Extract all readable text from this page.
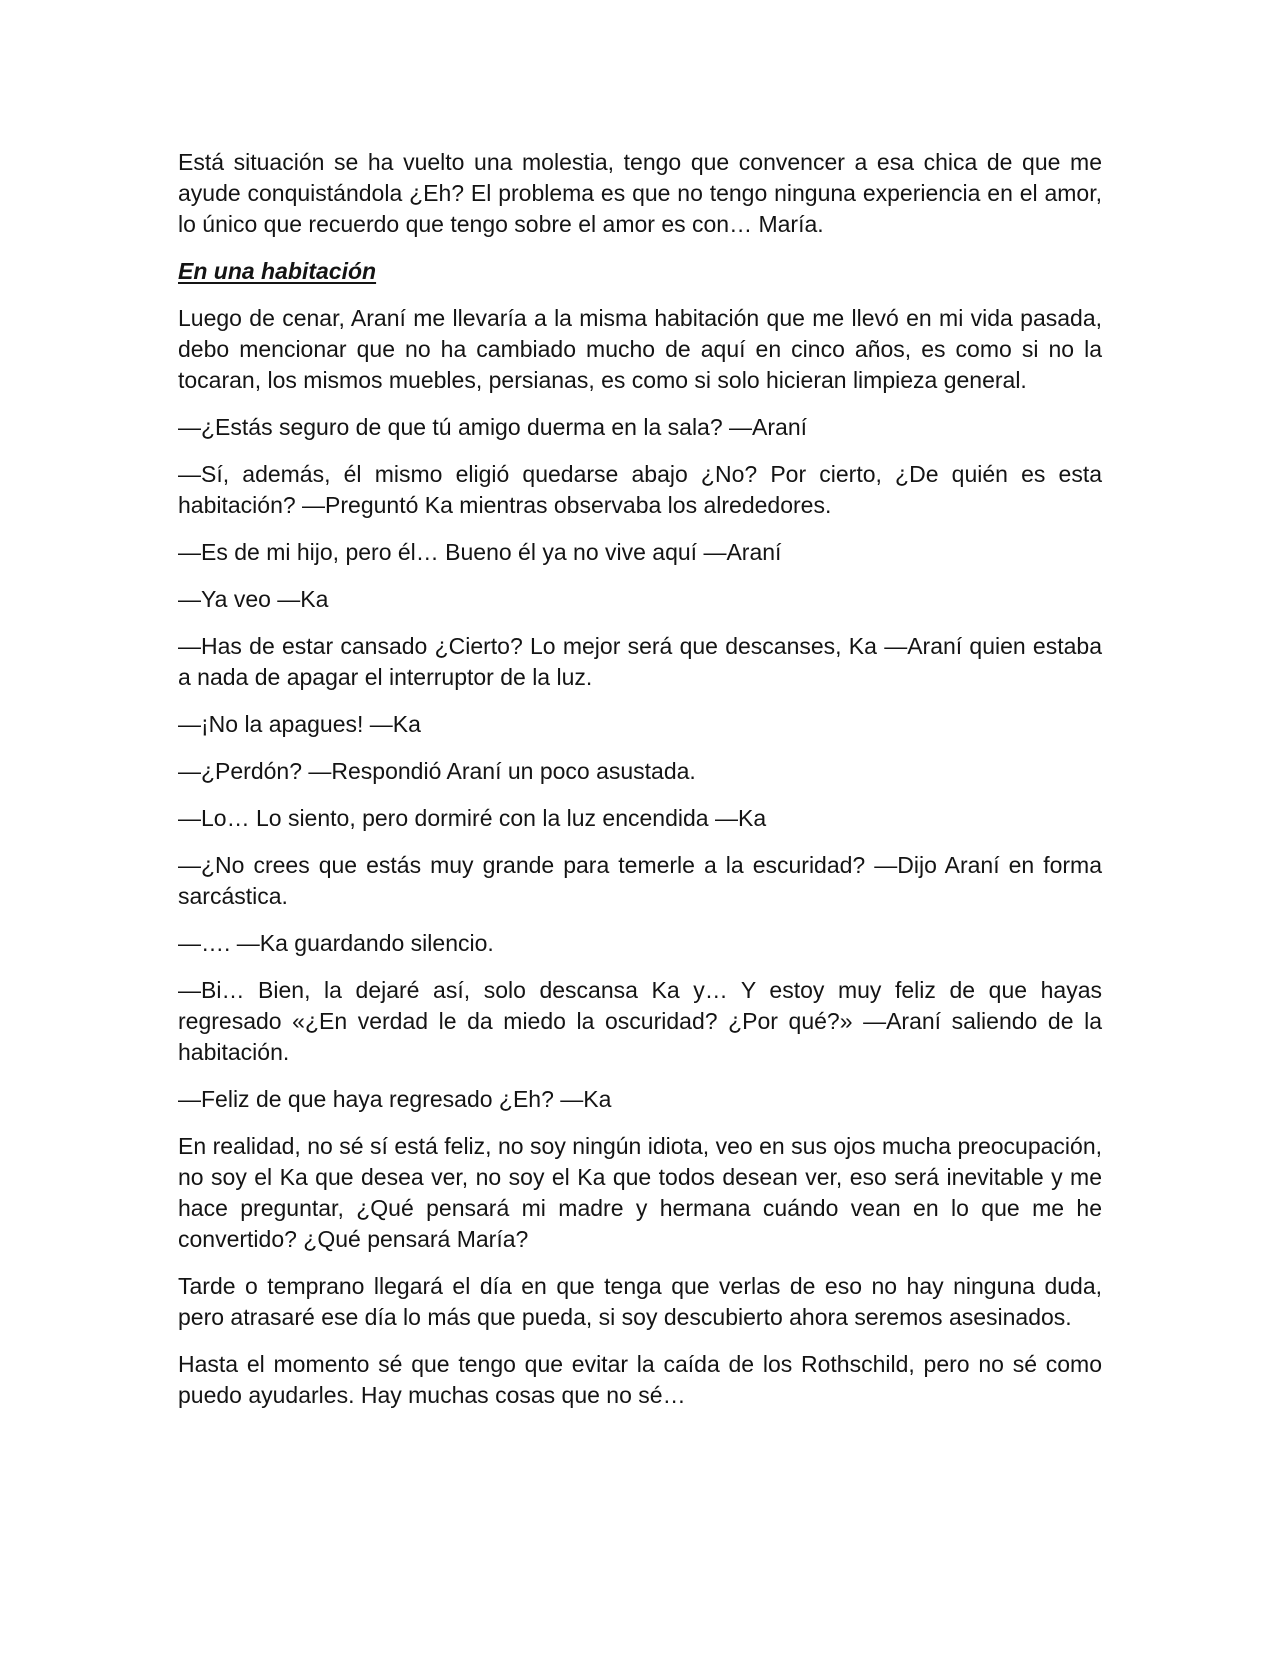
Está situación se ha vuelto una molestia, tengo que convencer a esa chica de que me ayude conquistándola ¿Eh? El problema es que no tengo ninguna experiencia en el amor, lo único que recuerdo que tengo sobre el amor es con… María.

En una habitación

Luego de cenar, Araní me llevaría a la misma habitación que me llevó en mi vida pasada, debo mencionar que no ha cambiado mucho de aquí en cinco años, es como si no la tocaran, los mismos muebles, persianas, es como si solo hicieran limpieza general.

—¿Estás seguro de que tú amigo duerma en la sala? —Araní

—Sí, además, él mismo eligió quedarse abajo ¿No? Por cierto, ¿De quién es esta habitación? —Preguntó Ka mientras observaba los alrededores.

—Es de mi hijo, pero él… Bueno él ya no vive aquí —Araní

—Ya veo —Ka

—Has de estar cansado ¿Cierto? Lo mejor será que descanses, Ka —Araní quien estaba a nada de apagar el interruptor de la luz.

—¡No la apagues! —Ka

—¿Perdón? —Respondió Araní un poco asustada.

—Lo… Lo siento, pero dormiré con la luz encendida —Ka

—¿No crees que estás muy grande para temerle a la escuridad? —Dijo Araní en forma sarcástica.

—…. —Ka guardando silencio.

—Bi… Bien, la dejaré así, solo descansa Ka y… Y estoy muy feliz de que hayas regresado «¿En verdad le da miedo la oscuridad? ¿Por qué?» —Araní saliendo de la habitación.

—Feliz de que haya regresado ¿Eh? —Ka

En realidad, no sé sí está feliz, no soy ningún idiota, veo en sus ojos mucha preocupación, no soy el Ka que desea ver, no soy el Ka que todos desean ver, eso será inevitable y me hace preguntar, ¿Qué pensará mi madre y hermana cuándo vean en lo que me he convertido? ¿Qué pensará María?

Tarde o temprano llegará el día en que tenga que verlas de eso no hay ninguna duda, pero atrasaré ese día lo más que pueda, si soy descubierto ahora seremos asesinados.

Hasta el momento sé que tengo que evitar la caída de los Rothschild, pero no sé como puedo ayudarles. Hay muchas cosas que no sé…
